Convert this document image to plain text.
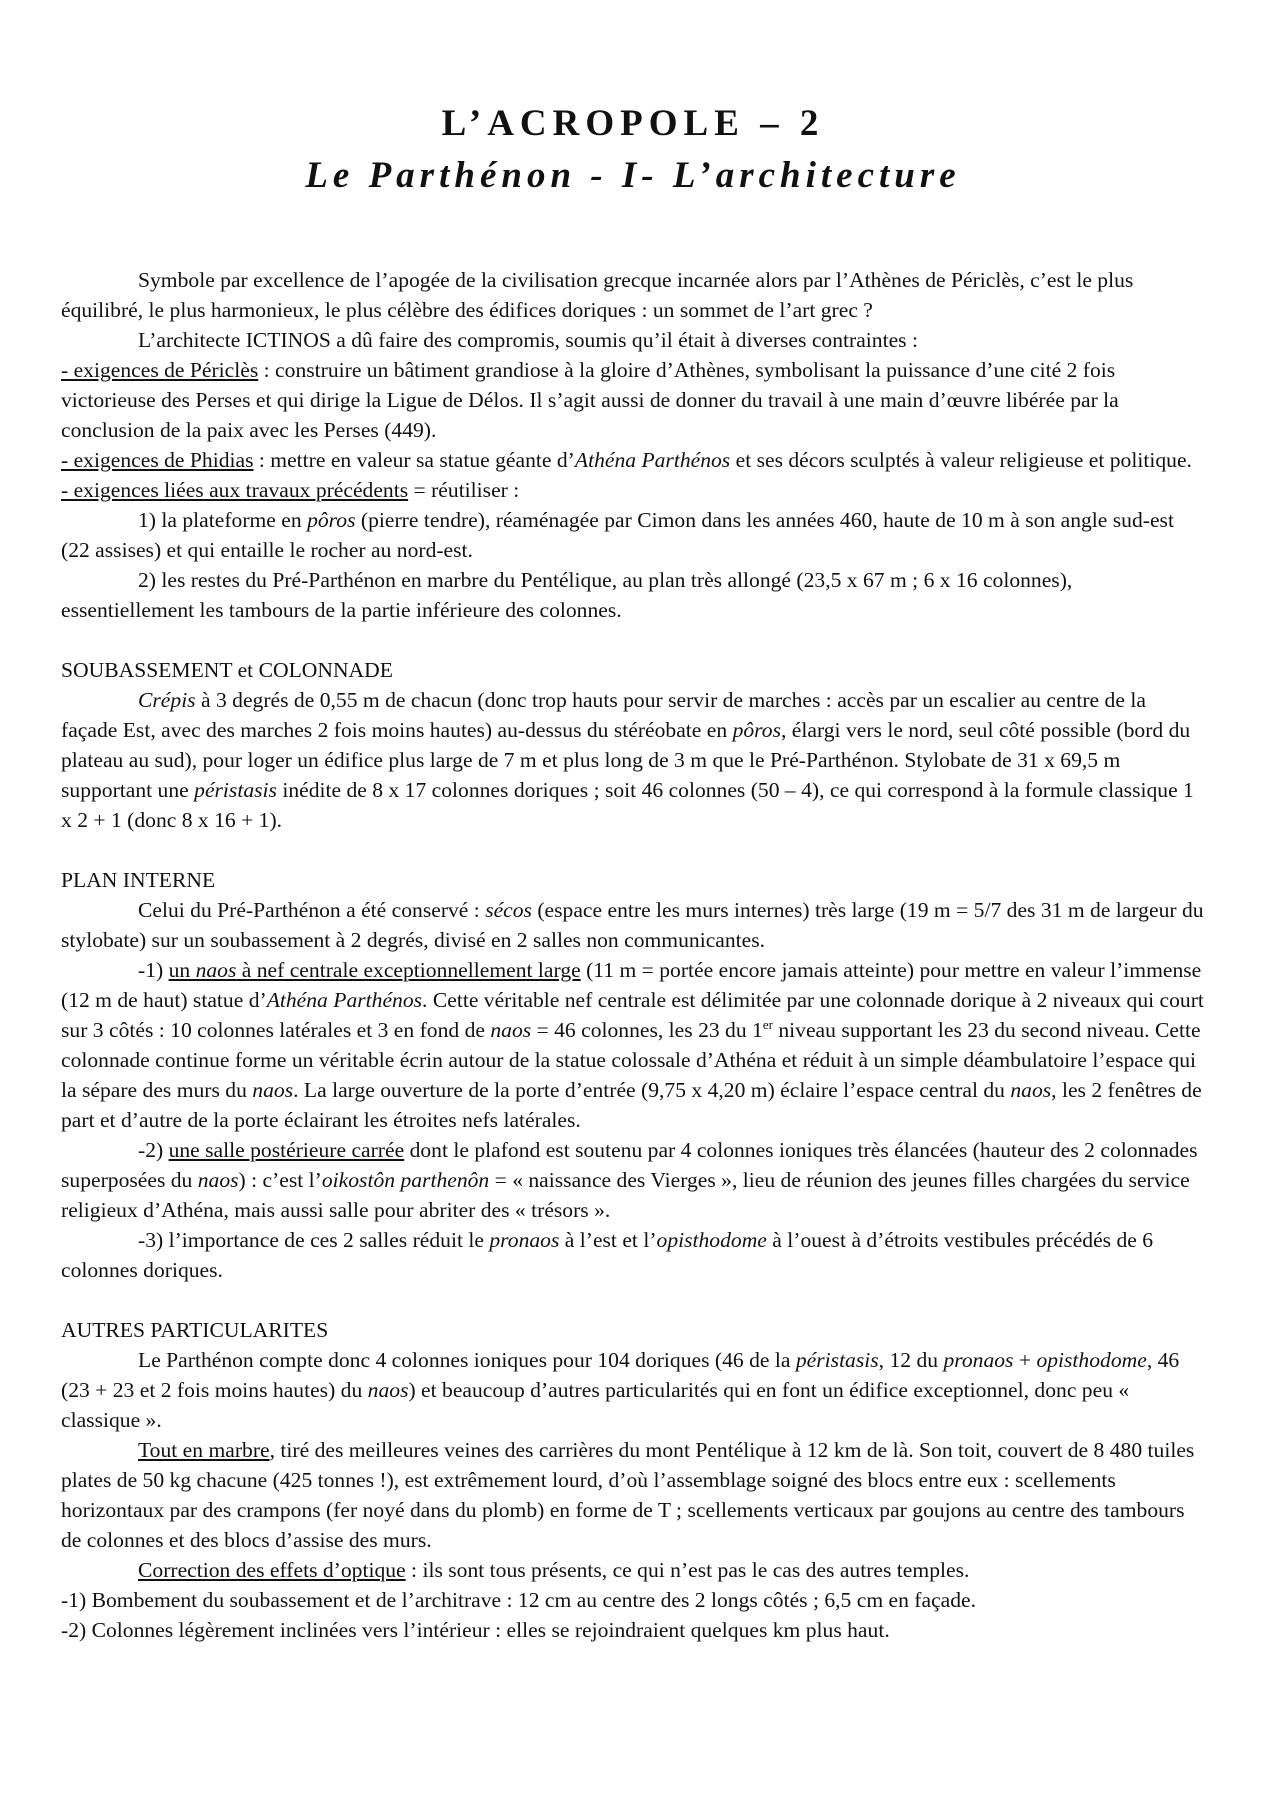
L’ACROPOLE – 2
Le Parthénon - I- L’architecture

Symbole par excellence de l’apogée de la civilisation grecque incarnée alors par l’Athènes de Périclès, c’est le plus équilibré, le plus harmonieux, le plus célèbre des édifices doriques : un sommet de l’art grec ?

L’architecte ICTINOS a dû faire des compromis, soumis qu’il était à diverses contraintes :

- exigences de Périclès : construire un bâtiment grandiose à la gloire d’Athènes, symbolisant la puissance d’une cité 2 fois victorieuse des Perses et qui dirige la Ligue de Délos. Il s’agit aussi de donner du travail à une main d’œuvre libérée par la conclusion de la paix avec les Perses (449).

- exigences de Phidias : mettre en valeur sa statue géante d’Athéna Parthénos et ses décors sculptés à valeur religieuse et politique.

- exigences liées aux travaux précédents = réutiliser :

1) la plateforme en pôros (pierre tendre), réaménagée par Cimon dans les années 460, haute de 10 m à son angle sud-est (22 assises) et qui entaille le rocher au nord-est.

2) les restes du Pré-Parthénon en marbre du Pentélique, au plan très allongé (23,5 x 67 m ; 6 x 16 colonnes), essentiellement les tambours de la partie inférieure des colonnes.

SOUBASSEMENT et COLONNADE

Crépis à 3 degrés de 0,55 m de chacun (donc trop hauts pour servir de marches : accès par un escalier au centre de la façade Est, avec des marches 2 fois moins hautes) au-dessus du stéréobate en pôros, élargi vers le nord, seul côté possible (bord du plateau au sud), pour loger un édifice plus large de 7 m et plus long de 3 m que le Pré-Parthénon. Stylobate de 31 x 69,5 m supportant une péristasis inédite de 8 x 17 colonnes doriques ; soit 46 colonnes (50 – 4), ce qui correspond à la formule classique 1 x 2 + 1 (donc 8 x 16 + 1).

PLAN INTERNE

Celui du Pré-Parthénon a été conservé : sécos (espace entre les murs internes) très large (19 m = 5/7 des 31 m de largeur du stylobate) sur un soubassement à 2 degrés, divisé en 2 salles non communicantes.

-1) un naos à nef centrale exceptionnellement large (11 m = portée encore jamais atteinte) pour mettre en valeur l’immense (12 m de haut) statue d’Athéna Parthénos. Cette véritable nef centrale est délimitée par une colonnade dorique à 2 niveaux qui court sur 3 côtés : 10 colonnes latérales et 3 en fond de naos = 46 colonnes, les 23 du 1er niveau supportant les 23 du second niveau. Cette colonnade continue forme un véritable écrin autour de la statue colossale d’Athéna et réduit à un simple déambulatoire l’espace qui la sépare des murs du naos. La large ouverture de la porte d’entrée (9,75 x 4,20 m) éclaire l’espace central du naos, les 2 fenêtres de part et d’autre de la porte éclairant les étroites nefs latérales.

-2) une salle postérieure carrée dont le plafond est soutenu par 4 colonnes ioniques très élancées (hauteur des 2 colonnades superposées du naos) : c’est l’oikostôn parthenôn = « naissance des Vierges », lieu de réunion des jeunes filles chargées du service religieux d’Athéna, mais aussi salle pour abriter des « trésors ».

-3) l’importance de ces 2 salles réduit le pronaos à l’est et l’opisthodome à l’ouest à d’étroits vestibules précédés de 6 colonnes doriques.

AUTRES PARTICULARITES

Le Parthénon compte donc 4 colonnes ioniques pour 104 doriques (46 de la péristasis, 12 du pronaos + opisthodome, 46 (23 + 23 et 2 fois moins hautes) du naos) et beaucoup d’autres particularités qui en font un édifice exceptionnel, donc peu « classique ».

Tout en marbre, tiré des meilleures veines des carrières du mont Pentélique à 12 km de là. Son toit, couvert de 8 480 tuiles plates de 50 kg chacune (425 tonnes !), est extrêmement lourd, d’où l’assemblage soigné des blocs entre eux : scellements horizontaux par des crampons (fer noyé dans du plomb) en forme de T ; scellements verticaux par goujons au centre des tambours de colonnes et des blocs d’assise des murs.

Correction des effets d’optique : ils sont tous présents, ce qui n’est pas le cas des autres temples.

-1) Bombement du soubassement et de l’architrave : 12 cm au centre des 2 longs côtés ; 6,5 cm en façade.

-2) Colonnes légèrement inclinées vers l’intérieur : elles se rejoindraient quelques km plus haut.
